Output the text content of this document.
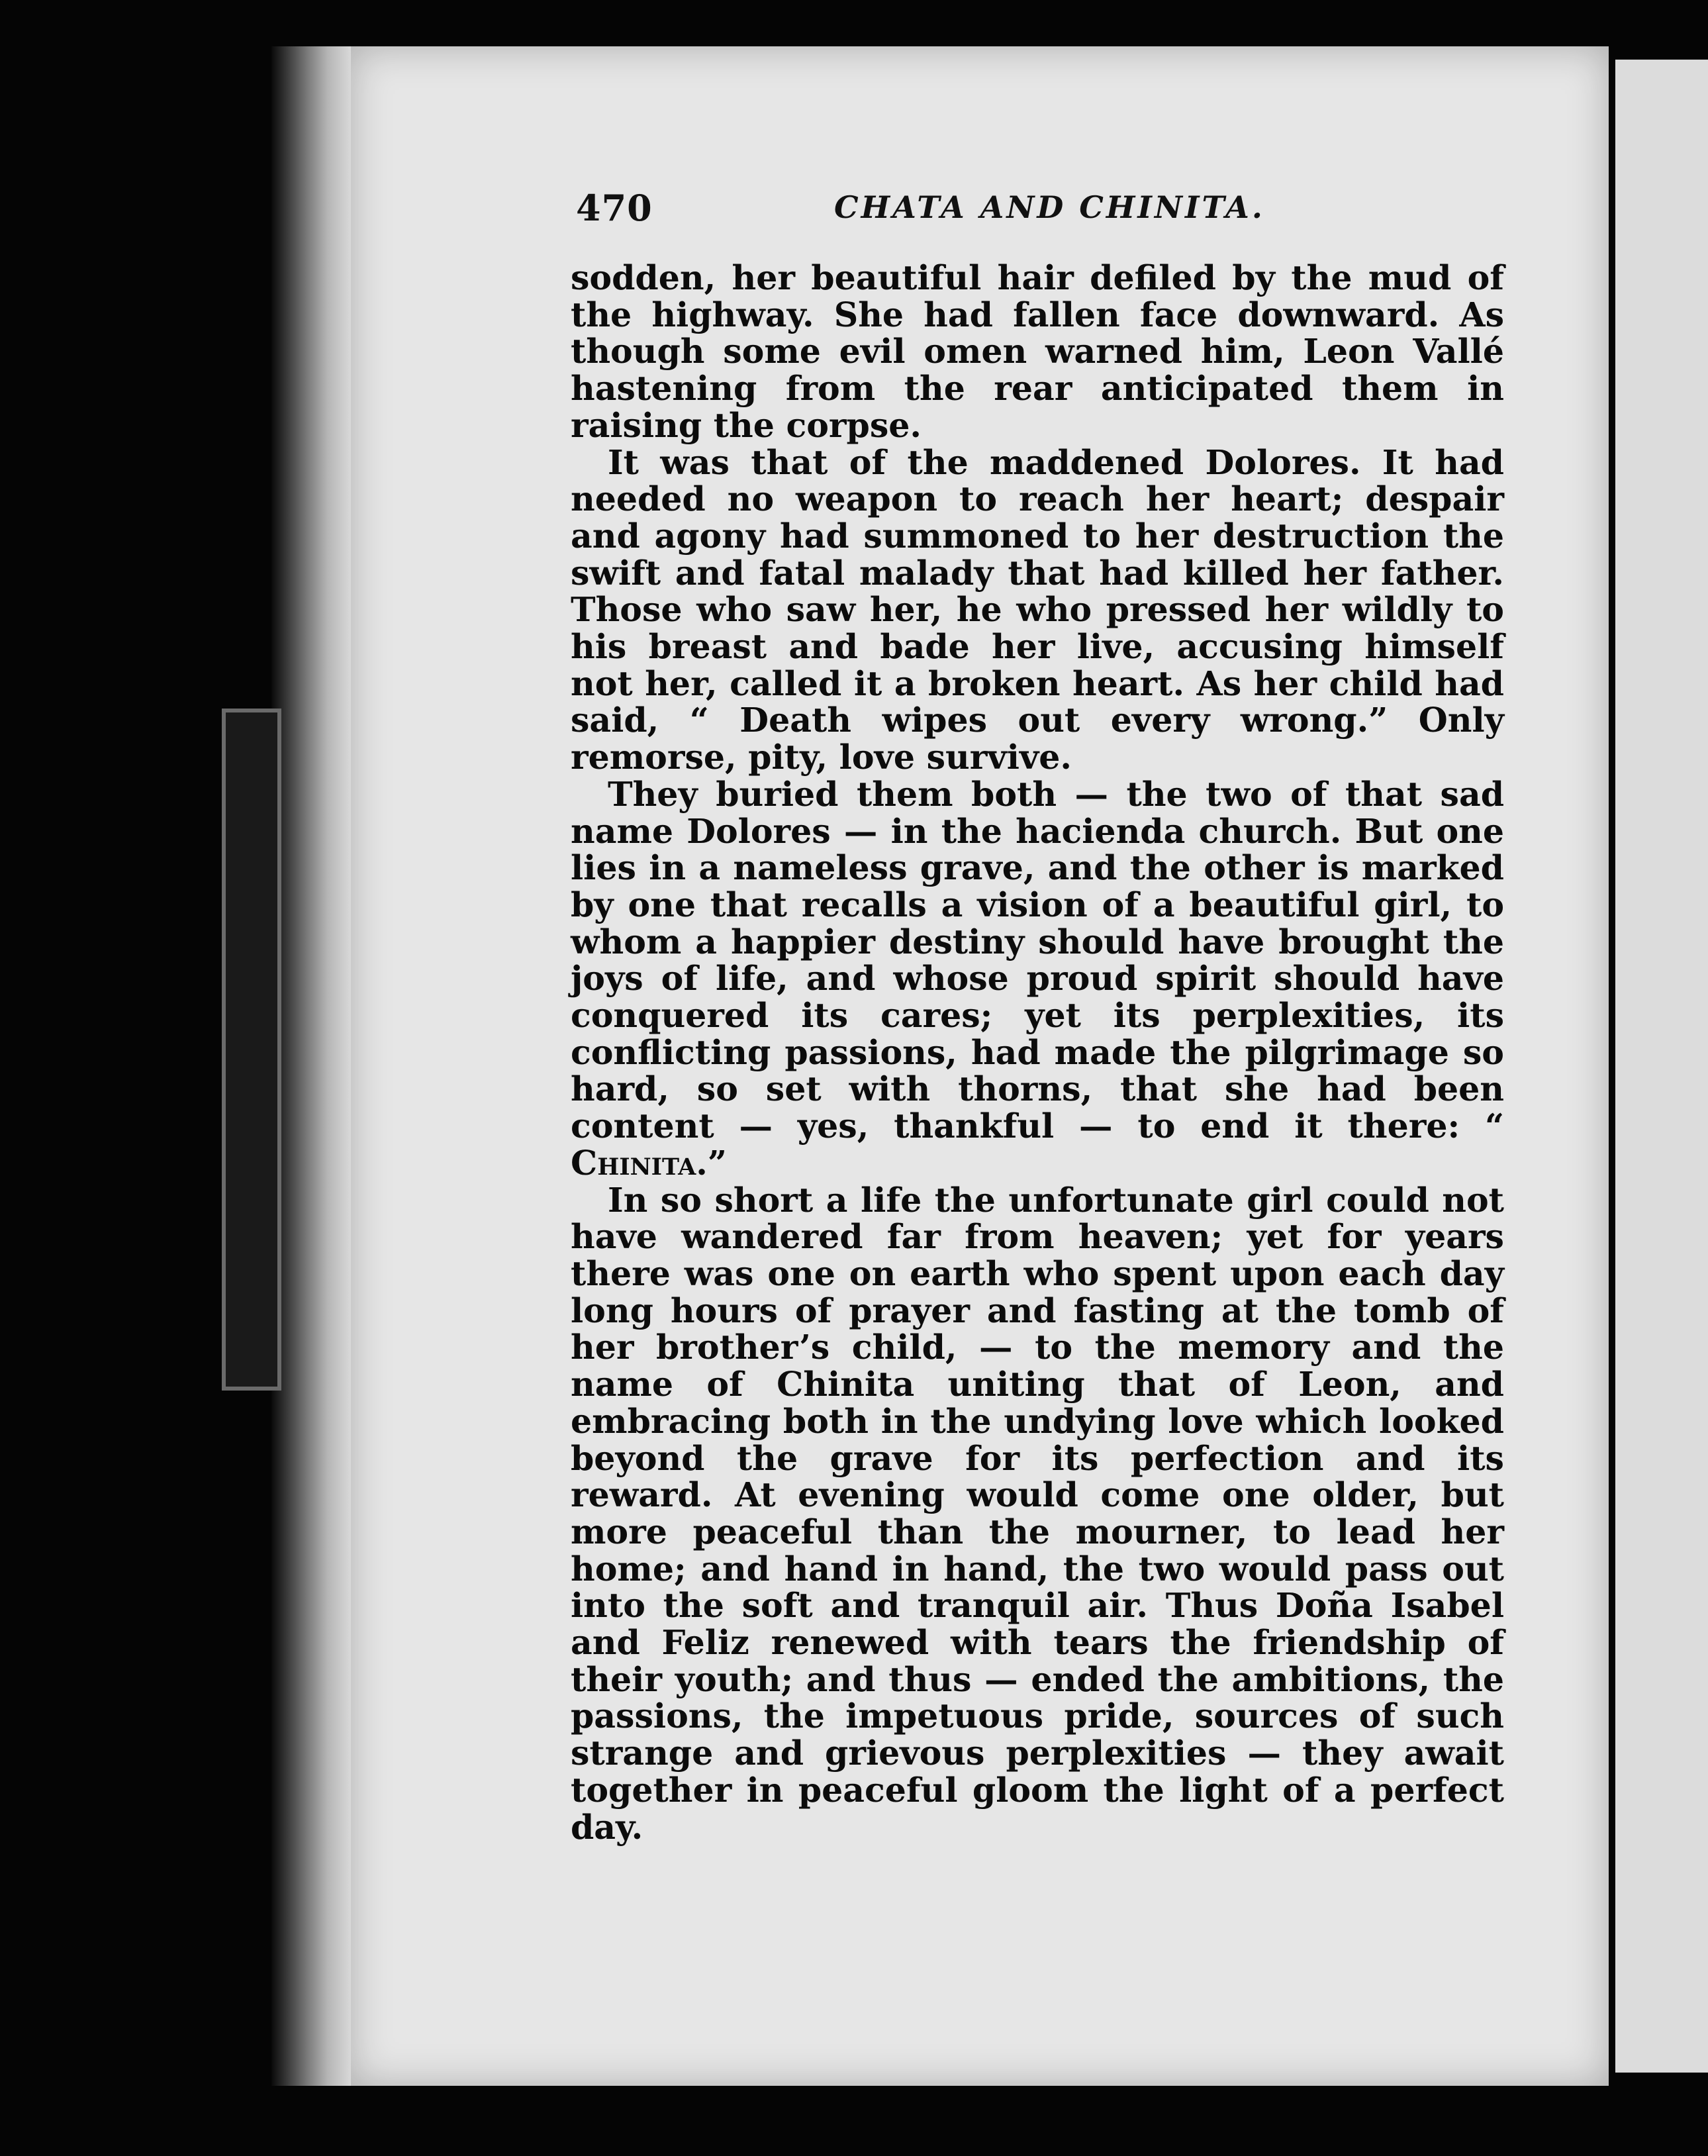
470	CHATA AND CHINITA.

sodden, her beautiful hair defiled by the mud of the highway. She had fallen face downward. As though some evil omen warned him, Leon Vallé hastening from the rear anticipated them in raising the corpse.

It was that of the maddened Dolores. It had needed no weapon to reach her heart; despair and agony had summoned to her destruction the swift and fatal malady that had killed her father. Those who saw her, he who pressed her wildly to his breast and bade her live, accusing himself not her, called it a broken heart. As her child had said, “ Death wipes out every wrong.” Only remorse, pity, love survive.

They buried them both — the two of that sad name Dolores — in the hacienda church. But one lies in a nameless grave, and the other is marked by one that recalls a vision of a beautiful girl, to whom a happier destiny should have brought the joys of life, and whose proud spirit should have conquered its cares; yet its perplexities, its conflicting passions, had made the pilgrimage so hard, so set with thorns, that she had been content — yes, thankful — to end it there: “ Chinita.”

In so short a life the unfortunate girl could not have wandered far from heaven; yet for years there was one on earth who spent upon each day long hours of prayer and fasting at the tomb of her brother’s child, — to the memory and the name of Chinita uniting that of Leon, and embracing both in the undying love which looked beyond the grave for its perfection and its reward. At evening would come one older, but more peaceful than the mourner, to lead her home; and hand in hand, the two would pass out into the soft and tranquil air. Thus Doña Isabel and Feliz renewed with tears the friendship of their youth; and thus — ended the ambitions, the passions, the impetuous pride, sources of such strange and grievous perplexities — they await together in peaceful gloom the light of a perfect day.
